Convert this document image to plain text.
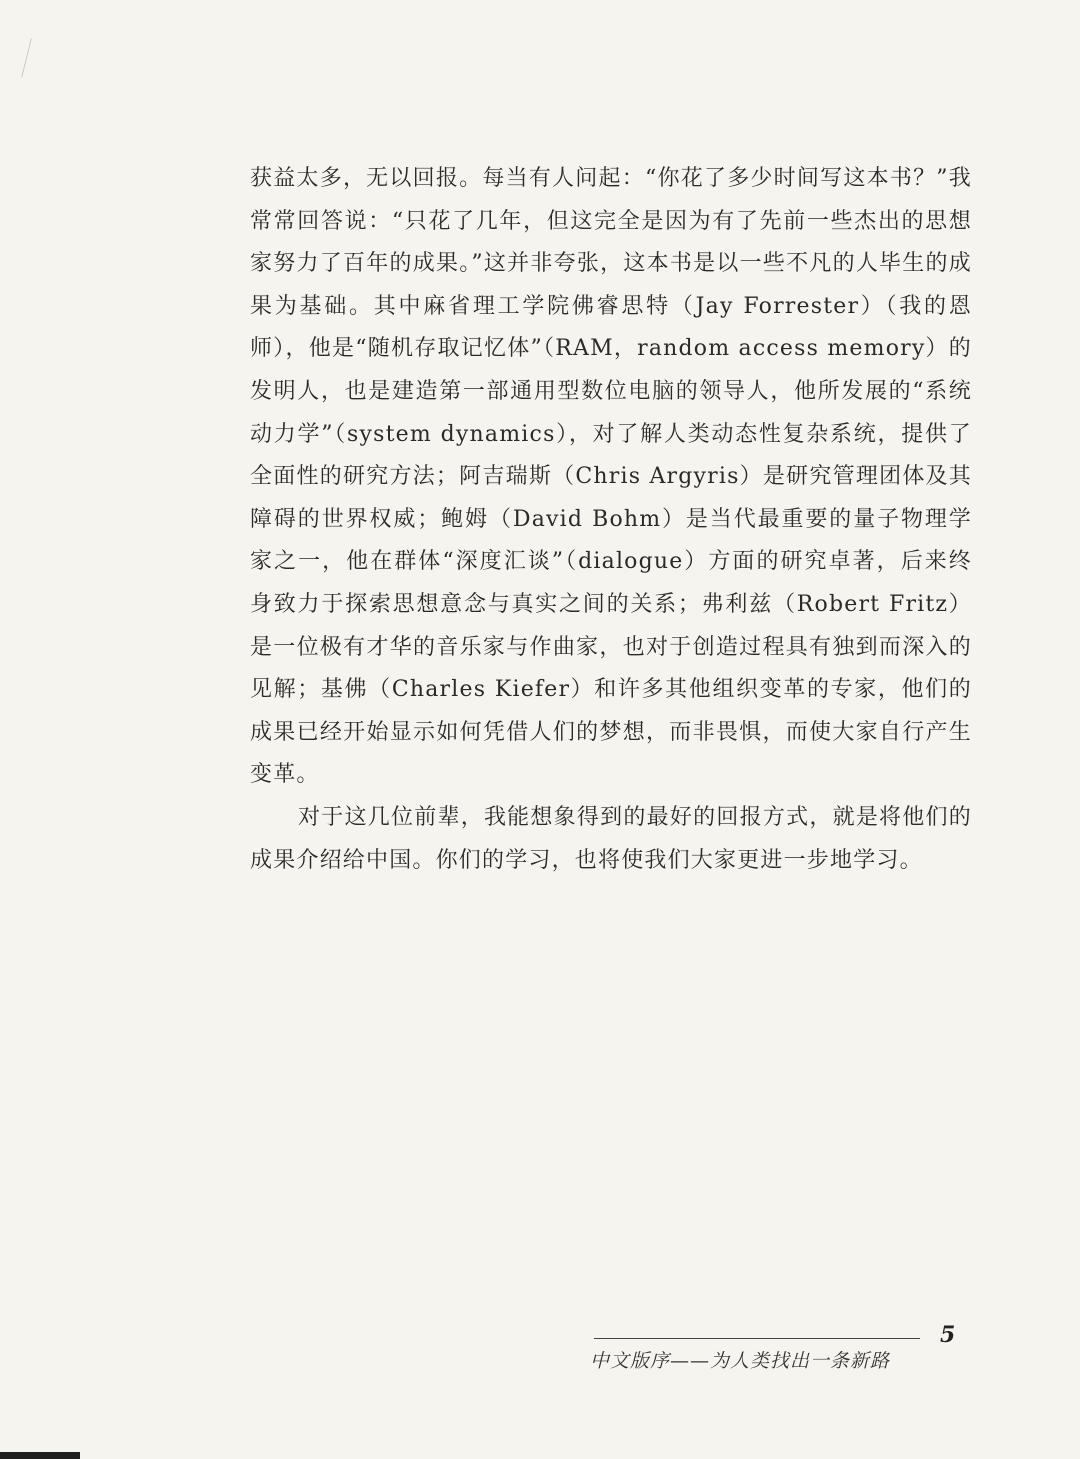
获益太多，无以回报。每当有人问起：“你花了多少时间写这本书？”我常常回答说：“只花了几年，但这完全是因为有了先前一些杰出的思想家努力了百年的成果。”这并非夸张，这本书是以一些不凡的人毕生的成果为基础。其中麻省理工学院佛睿思特（Jay Forrester）（我的恩师），他是“随机存取记忆体”（RAM，random access memory）的发明人，也是建造第一部通用型数位电脑的领导人，他所发展的“系统动力学”（system dynamics），对了解人类动态性复杂系统，提供了全面性的研究方法；阿吉瑞斯（Chris Argyris）是研究管理团体及其障碍的世界权威；鲍姆（David Bohm）是当代最重要的量子物理学家之一，他在群体“深度汇谈”（dialogue）方面的研究卓著，后来终身致力于探索思想意念与真实之间的关系；弗利兹（Robert Fritz）是一位极有才华的音乐家与作曲家，也对于创造过程具有独到而深入的见解；基佛（Charles Kiefer）和许多其他组织变革的专家，他们的成果已经开始显示如何凭借人们的梦想，而非畏惧，而使大家自行产生变革。

对于这几位前辈，我能想象得到的最好的回报方式，就是将他们的成果介绍给中国。你们的学习，也将使我们大家更进一步地学习。

中文版序——为人类找出一条新路
5
